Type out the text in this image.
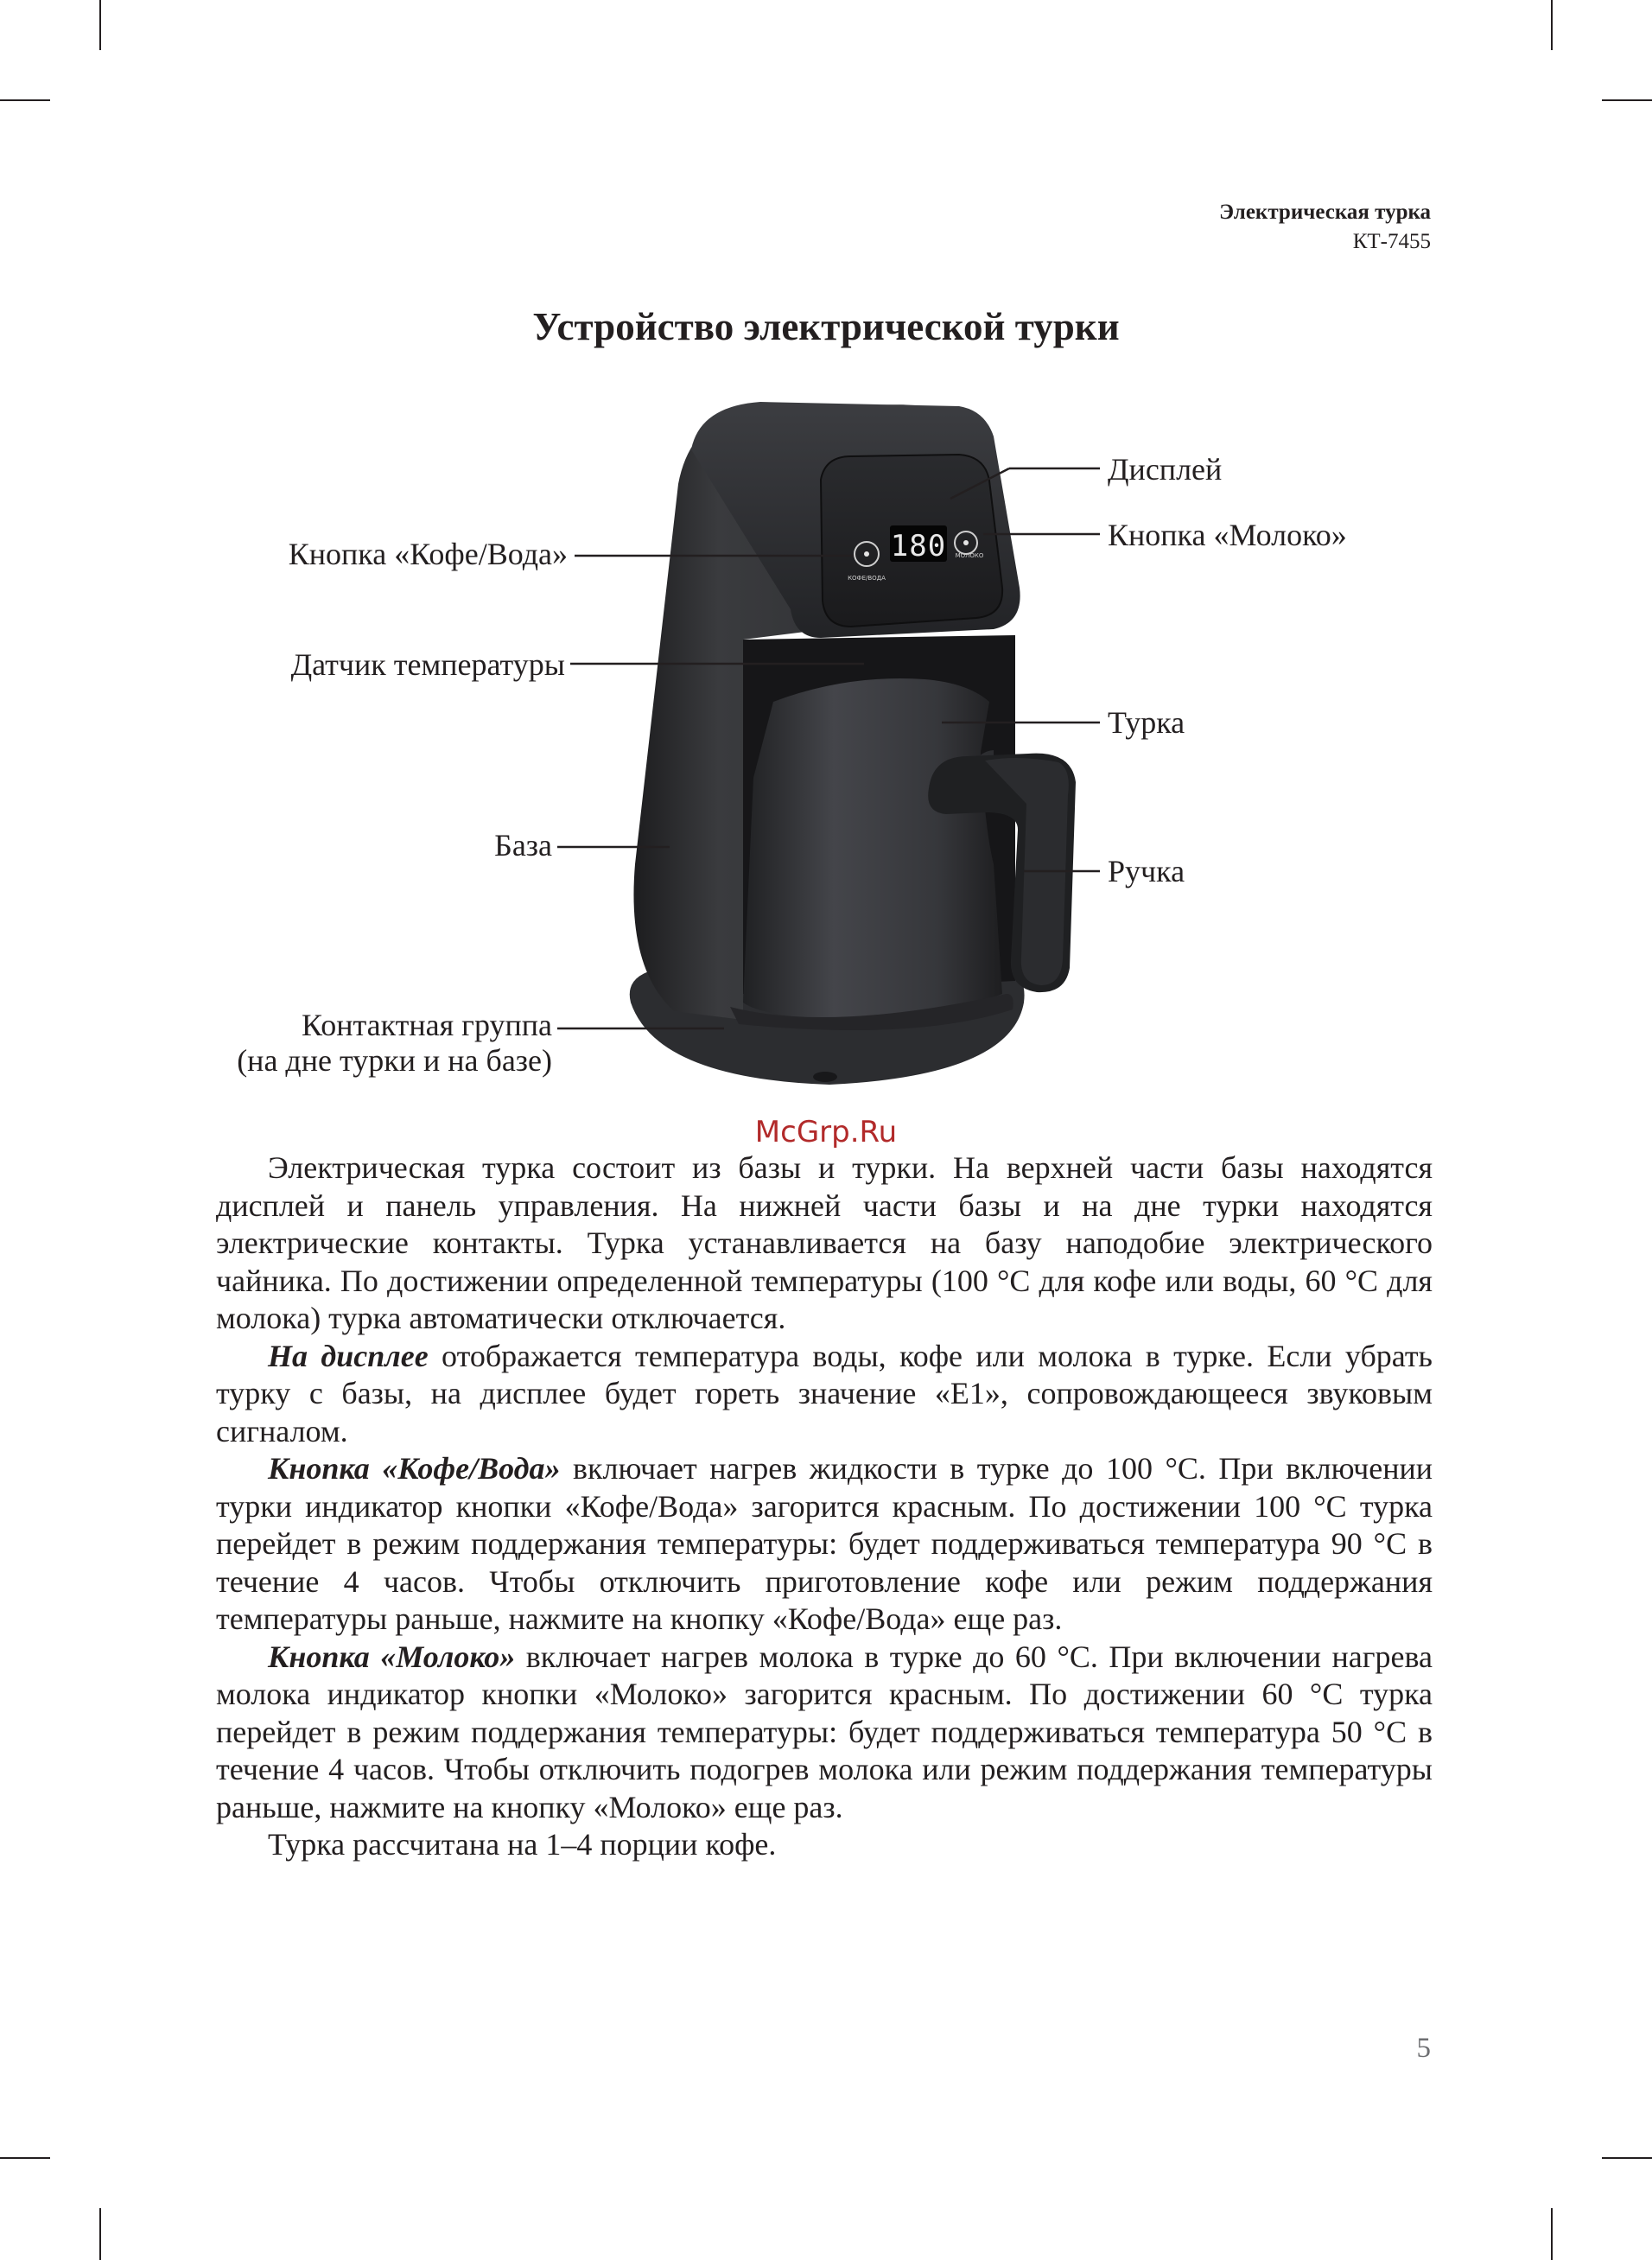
Электрическая турка
КТ-7455
Устройство электрической турки
КОФЕ/ВОДА
180 МОЛОКО
Дисплей
Кнопка «Молоко»
Кнопка «Кофе/Вода»
Датчик температуры
Турка
База
Ручка
Контактная группа
(на дне турки и на базе)
McGrp.Ru

Электрическая турка состоит из базы и турки. На верхней части базы находятся дисплей и панель управления. На нижней части базы и на дне турки находятся электрические контакты. Турка устанавливается на базу наподобие электрического чайника. По достижении определенной температуры (100 °С для кофе или воды, 60 °С для молока) турка автоматически отключается.

На дисплее отображается температура воды, кофе или молока в турке. Если убрать турку с базы, на дисплее будет гореть значение «Е1», сопровождающееся звуковым сигналом.

Кнопка «Кофе/Вода» включает нагрев жидкости в турке до 100 °С. При включении турки индикатор кнопки «Кофе/Вода» загорится красным. По достижении 100 °С турка перейдет в режим поддержания температуры: будет поддерживаться температура 90 °С в течение 4 часов. Чтобы отключить приготовление кофе или режим поддержания температуры раньше, нажмите на кнопку «Кофе/Вода» еще раз.

Кнопка «Молоко» включает нагрев молока в турке до 60 °С. При включении нагрева молока индикатор кнопки «Молоко» загорится красным. По достижении 60 °С турка перейдет в режим поддержания температуры: будет поддерживаться температура 50 °С в течение 4 часов. Чтобы отключить подогрев молока или режим поддержания температуры раньше, нажмите на кнопку «Молоко» еще раз.

Турка рассчитана на 1–4 порции кофе.

5
